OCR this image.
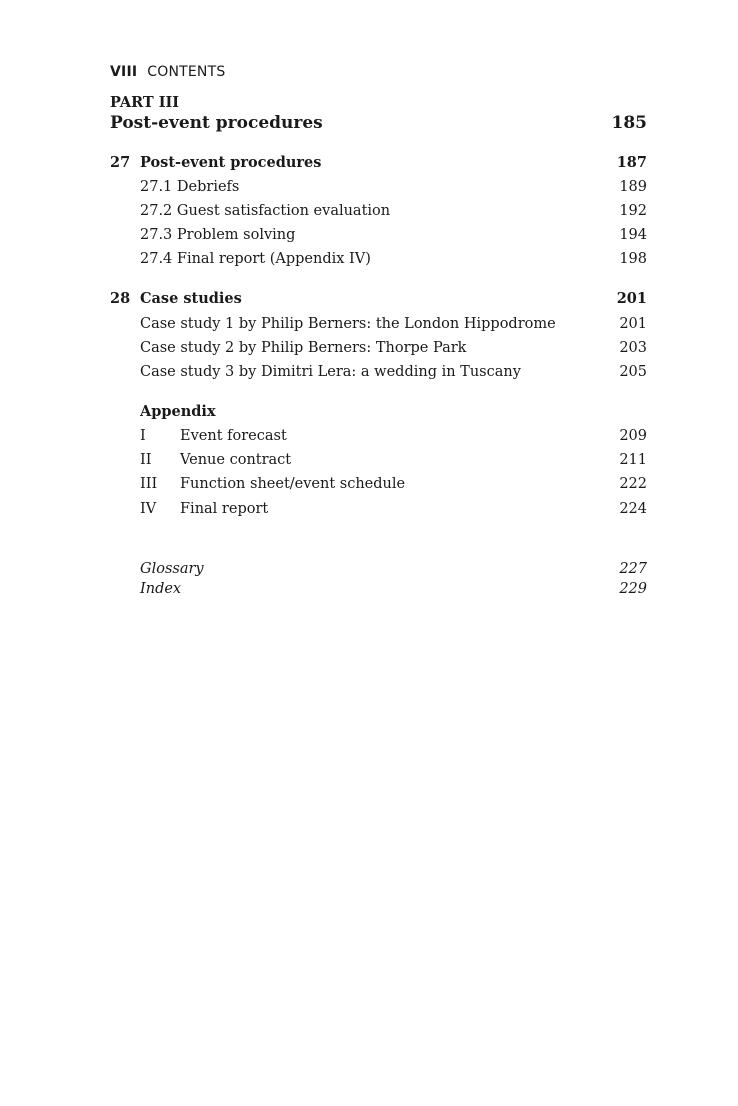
VIII CONTENTS
PART III
Post-event procedures	185
27 Post-event procedures	187
27.1 Debriefs	189
27.2 Guest satisfaction evaluation	192
27.3 Problem solving	194
27.4 Final report (Appendix IV)	198
28 Case studies	201
Case study 1 by Philip Berners: the London Hippodrome	201
Case study 2 by Philip Berners: Thorpe Park	203
Case study 3 by Dimitri Lera: a wedding in Tuscany	205
Appendix
I Event forecast	209
II Venue contract	211
III Function sheet/event schedule	222
IV Final report	224
Glossary	227
Index	229
